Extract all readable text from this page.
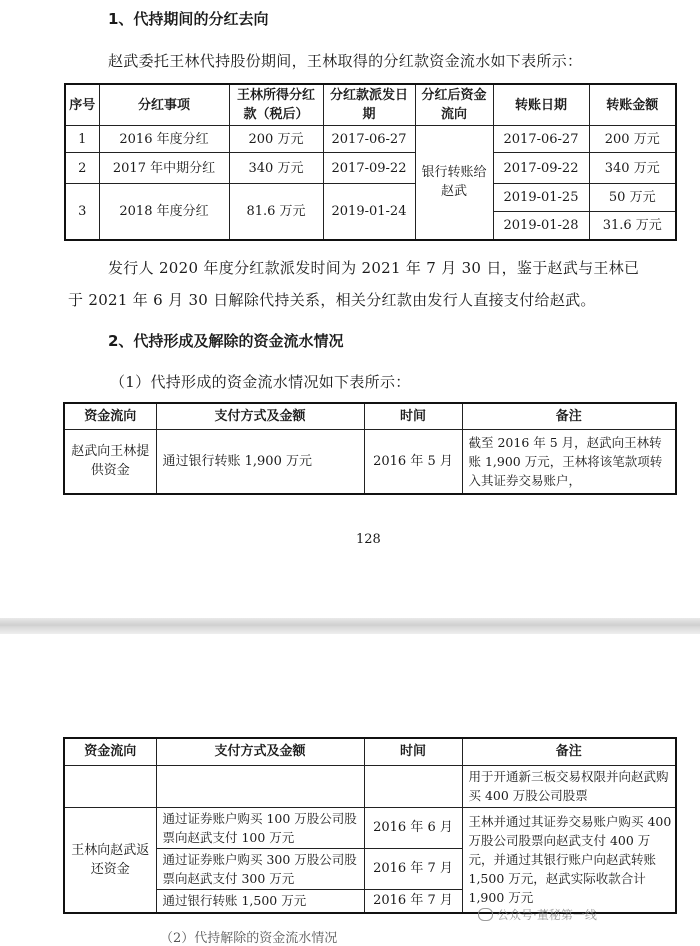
1、代持期间的分红去向
赵武委托王林代持股份期间，王林取得的分红款资金流水如下表所示：
序号	分红事项	王林所得分红款（税后）	分红款派发日期	分红后资金流向	转账日期	转账金额
1	2016 年度分红	200 万元	2017-06-27	银行转账给赵武	2017-06-27	200 万元
2	2017 年中期分红	340 万元	2017-09-22		2017-09-22	340 万元
3	2018 年度分红	81.6 万元	2019-01-24		2019-01-25	50 万元
					2019-01-28	31.6 万元
发行人 2020 年度分红款派发时间为 2021 年 7 月 30 日，鉴于赵武与王林已
于 2021 年 6 月 30 日解除代持关系，相关分红款由发行人直接支付给赵武。
2、代持形成及解除的资金流水情况
（1）代持形成的资金流水情况如下表所示：
资金流向	支付方式及金额	时间	备注
赵武向王林提供资金	通过银行转账 1,900 万元	2016 年 5 月	截至 2016 年 5 月，赵武向王林转账 1,900 万元，王林将该笔款项转入其证券交易账户，
128
资金流向	支付方式及金额	时间	备注
			用于开通新三板交易权限并向赵武购买 400 万股公司股票
王林向赵武返还资金	通过证券账户购买 100 万股公司股票向赵武支付 100 万元	2016 年 6 月	王林并通过其证券交易账户购买 400 万股公司股票向赵武支付 400 万元，并通过其银行账户向赵武转账 1,500 万元，赵武实际收款合计 1,900 万元
	通过证券账户购买 300 万股公司股票向赵武支付 300 万元	2016 年 7 月	
	通过银行转账 1,500 万元	2016 年 7 月	
（2）代持解除的资金流水情况
公众号·董秘第一线
